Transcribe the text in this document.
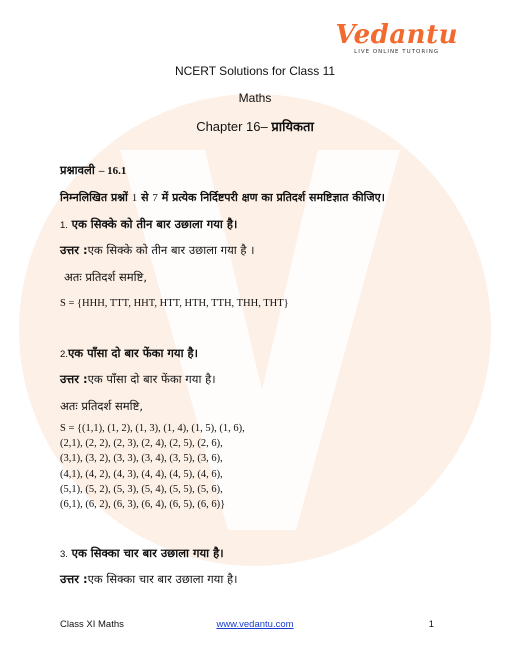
Vedantu
LIVE ONLINE TUTORING
NCERT Solutions for Class 11
Maths
Chapter 16– प्रायिकता
प्रश्नावली – 16.1
निम्नलिखित प्रश्नों 1 से 7 में प्रत्येक निर्दिष्टपरी क्षण का प्रतिदर्श समष्टिज्ञात कीजिए।
1. एक सिक्के को तीन बार उछाला गया है।
उत्तर :एक सिक्के को तीन बार उछाला गया है ।
अतः प्रतिदर्श समष्टि,
S = {HHH, TTT, HHT, HTT, HTH, TTH, THH, THT}
2.एक पाँसा दो बार फेंका गया है।
उत्तर :एक पाँसा दो बार फेंका गया है।
अतः प्रतिदर्श समष्टि,
S = {(1,1), (1, 2), (1, 3), (1, 4), (1, 5), (1, 6),
(2,1), (2, 2), (2, 3), (2, 4), (2, 5), (2, 6),
(3,1), (3, 2), (3, 3), (3, 4), (3, 5), (3, 6),
(4,1), (4, 2), (4, 3), (4, 4), (4, 5), (4, 6),
(5,1), (5, 2), (5, 3), (5, 4), (5, 5), (5, 6),
(6,1), (6, 2), (6, 3), (6, 4), (6, 5), (6, 6)}
3. एक सिक्का चार बार उछाला गया है।
उत्तर :एक सिक्का चार बार उछाला गया है।
Class XI Maths	www.vedantu.com	1
